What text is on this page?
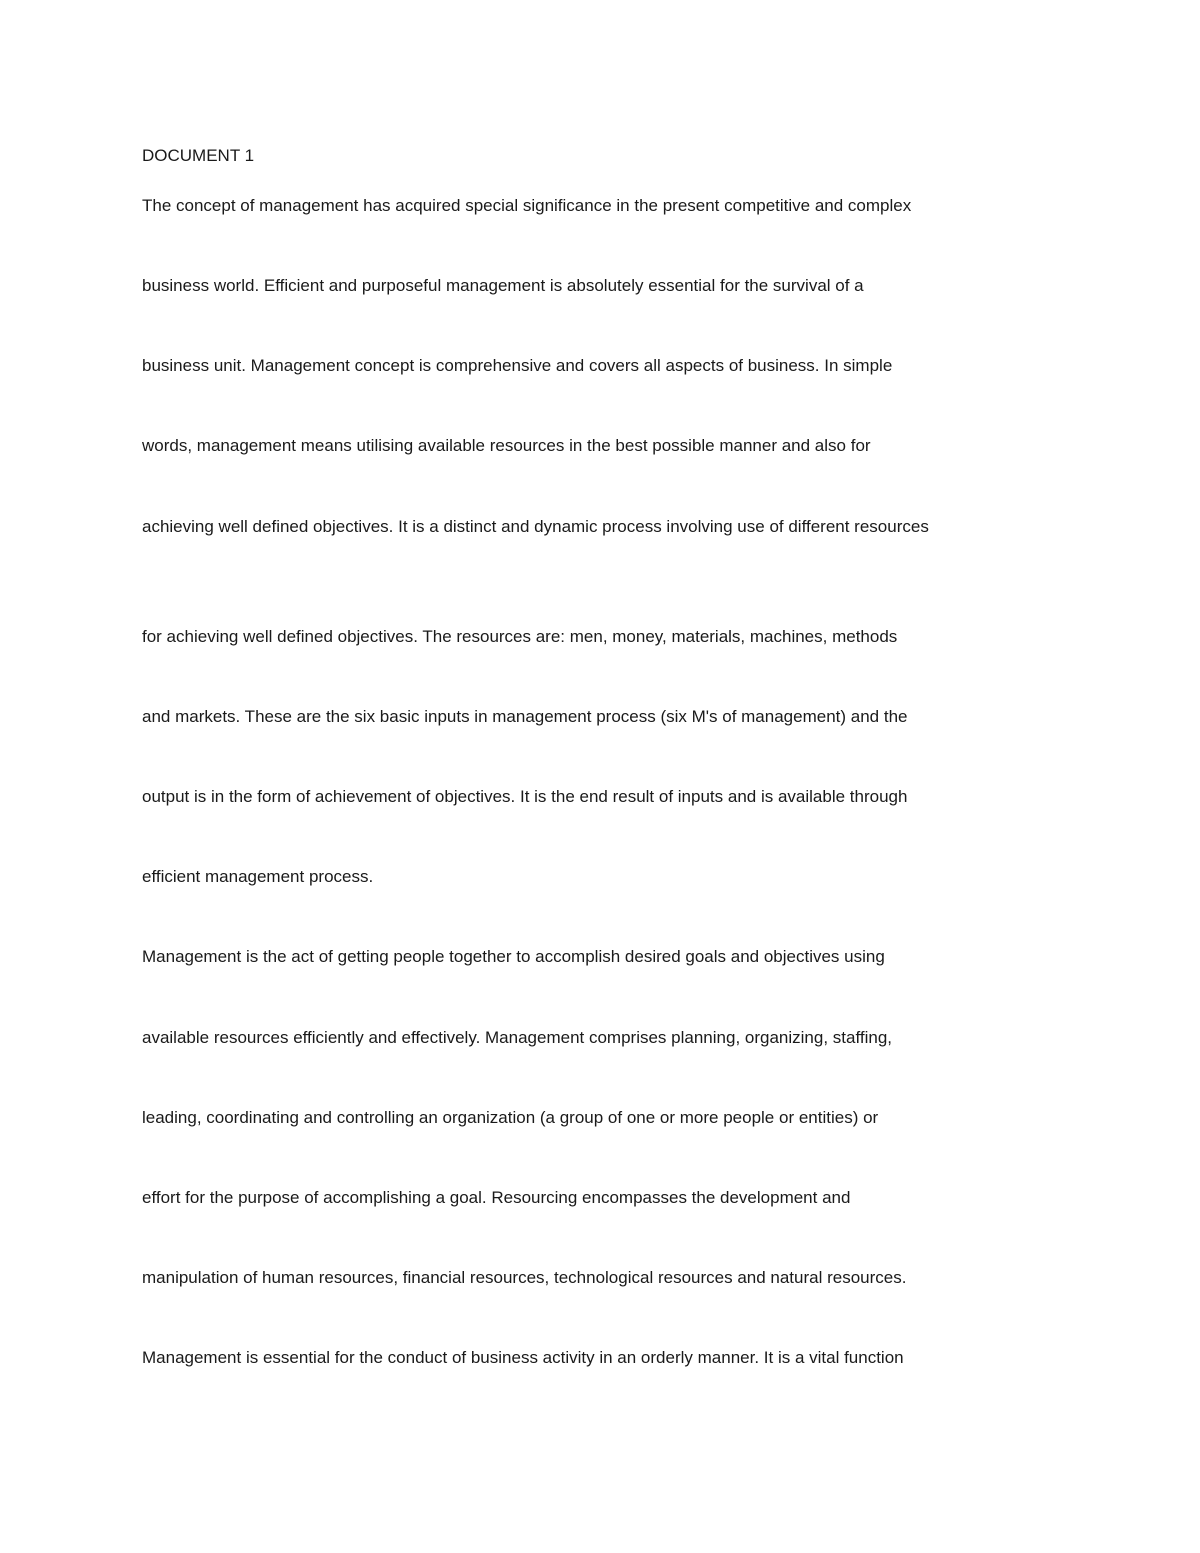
DOCUMENT 1

The concept of management has acquired special significance in the present competitive and complex

business world. Efficient and purposeful management is absolutely essential for the survival of a

business unit. Management concept is comprehensive and covers all aspects of business. In simple

words, management means utilising available resources in the best possible manner and also for

achieving well defined objectives. It is a distinct and dynamic process involving use of different resources

for achieving well defined objectives. The resources are: men, money, materials, machines, methods

and markets. These are the six basic inputs in management process (six M's of management) and the

output is in the form of achievement of objectives. It is the end result of inputs and is available through

efficient management process.

Management is the act of getting people together to accomplish desired goals and objectives using

available resources efficiently and effectively. Management comprises planning, organizing, staffing,

leading, coordinating and controlling an organization (a group of one or more people or entities) or

effort for the purpose of accomplishing a goal. Resourcing encompasses the development and

manipulation of human resources, financial resources, technological resources and natural resources.

Management is essential for the conduct of business activity in an orderly manner. It is a vital function
